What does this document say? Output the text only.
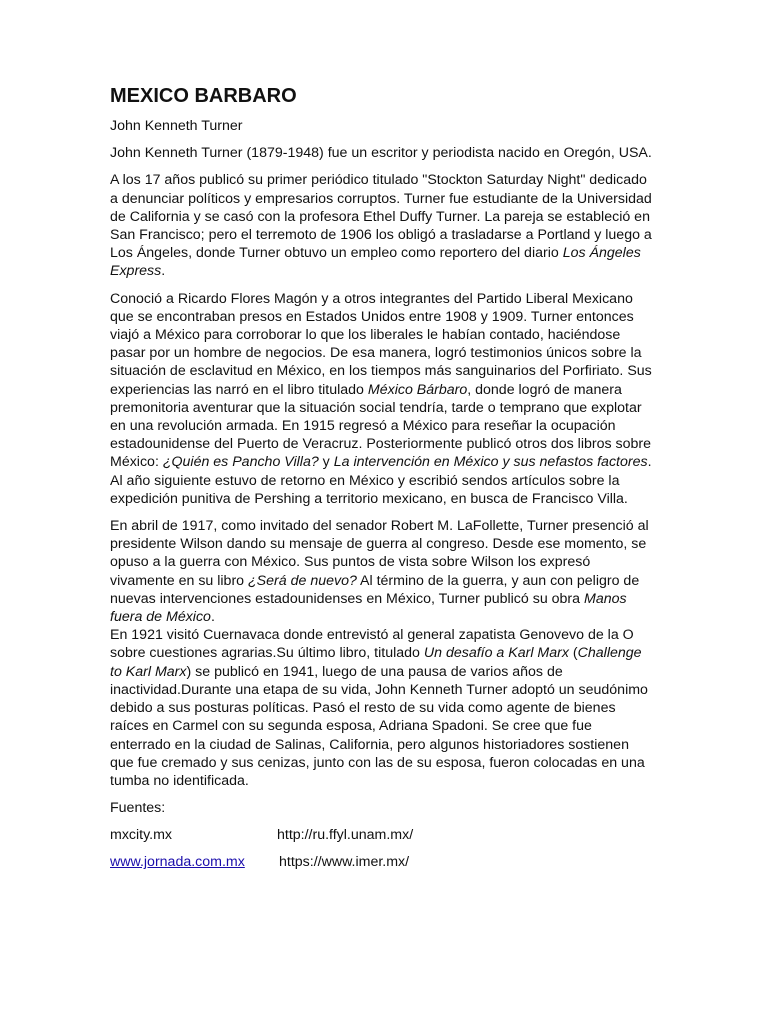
MEXICO BARBARO

John Kenneth Turner

John Kenneth Turner (1879-1948) fue un escritor y periodista nacido en Oregón, USA.

A los 17 años publicó su primer periódico titulado "Stockton Saturday Night" dedicado a denunciar políticos y empresarios corruptos. Turner fue estudiante de la Universidad de California y se casó con la profesora Ethel Duffy Turner. La pareja se estableció en San Francisco; pero el terremoto de 1906 los obligó a trasladarse a Portland y luego a Los Ángeles, donde Turner obtuvo un empleo como reportero del diario Los Ángeles Express.

Conoció a Ricardo Flores Magón y a otros integrantes del Partido Liberal Mexicano que se encontraban presos en Estados Unidos entre 1908 y 1909. Turner entonces viajó a México para corroborar lo que los liberales le habían contado, haciéndose pasar por un hombre de negocios. De esa manera, logró testimonios únicos sobre la situación de esclavitud en México, en los tiempos más sanguinarios del Porfiriato. Sus experiencias las narró en el libro titulado México Bárbaro, donde logró de manera premonitoria aventurar que la situación social tendría, tarde o temprano que explotar en una revolución armada. En 1915 regresó a México para reseñar la ocupación estadounidense del Puerto de Veracruz. Posteriormente publicó otros dos libros sobre México: ¿Quién es Pancho Villa? y La intervención en México y sus nefastos factores. Al año siguiente estuvo de retorno en México y escribió sendos artículos sobre la expedición punitiva de Pershing a territorio mexicano, en busca de Francisco Villa.

En abril de 1917, como invitado del senador Robert M. LaFollette, Turner presenció al presidente Wilson dando su mensaje de guerra al congreso. Desde ese momento, se opuso a la guerra con México. Sus puntos de vista sobre Wilson los expresó vivamente en su libro ¿Será de nuevo? Al término de la guerra, y aun con peligro de nuevas intervenciones estadounidenses en México, Turner publicó su obra Manos fuera de México.
En 1921 visitó Cuernavaca donde entrevistó al general zapatista Genovevo de la O sobre cuestiones agrarias.Su último libro, titulado Un desafío a Karl Marx (Challenge to Karl Marx) se publicó en 1941, luego de una pausa de varios años de inactividad.Durante una etapa de su vida, John Kenneth Turner adoptó un seudónimo debido a sus posturas políticas. Pasó el resto de su vida como agente de bienes raíces en Carmel con su segunda esposa, Adriana Spadoni. Se cree que fue enterrado en la ciudad de Salinas, California, pero algunos historiadores sostienen que fue cremado y sus cenizas, junto con las de su esposa, fueron colocadas en una tumba no identificada.

Fuentes:

mxcity.mx	http://ru.ffyl.unam.mx/
www.jornada.com.mx https://www.imer.mx/
